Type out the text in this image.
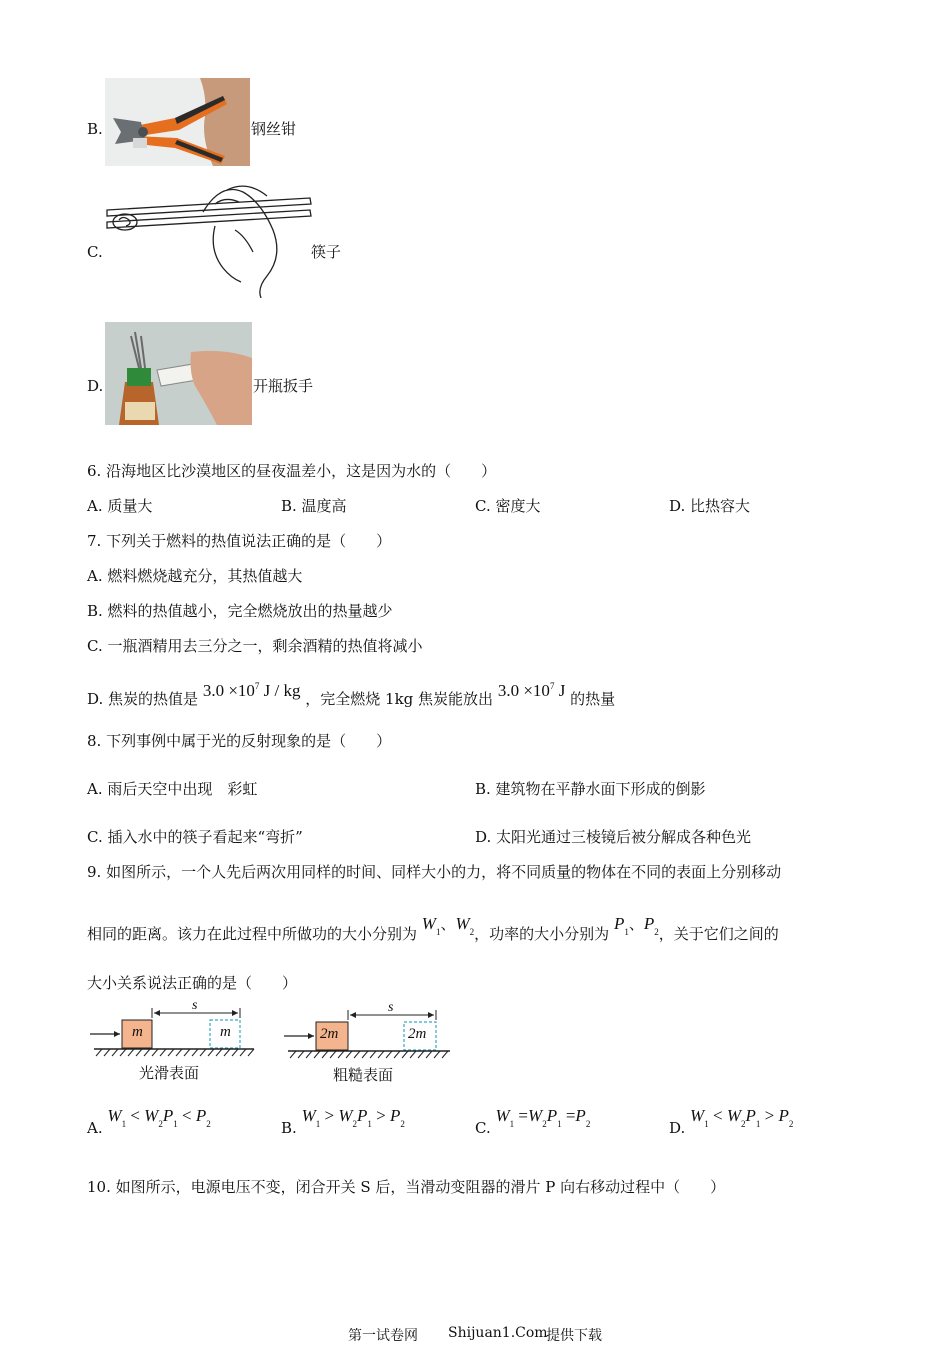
B.	钢丝钳
C.	筷子
D.	开瓶扳手
6. 沿海地区比沙漠地区的昼夜温差小，这是因为水的（　　）
A. 质量大	B. 温度高	C. 密度大	D. 比热容大
7. 下列关于燃料的热值说法正确的是（　　）
A. 燃料燃烧越充分，其热值越大
B. 燃料的热值越小，完全燃烧放出的热量越少
C. 一瓶酒精用去三分之一，剩余酒精的热值将减小
D. 焦炭的热值是 $3.0 \times 10^7$ J / kg ，完全燃烧 1kg 焦炭能放出 $3.0 \times 10^7$ J 的热量
8. 下列事例中属于光的反射现象的是（　　）
A. 雨后天空中出现　彩虹	B. 建筑物在平静水面下形成的倒影
C. 插入水中的筷子看起来“弯折”	D. 太阳光通过三棱镜后被分解成各种色光
9. 如图所示，一个人先后两次用同样的时间、同样大小的力，将不同质量的物体在不同的表面上分别移动
相同的距离。该力在此过程中所做功的大小分别为 $W_1$、$W_2$，功率的大小分别为 $P_1$、$P_2$，关于它们之间的
大小关系说法正确的是（　　）
m	m
s
光滑表面
2m	2m
s
粗糙表面
A. $W_1 < W_2P_1 < P_2$	B. $W_1 > W_2P_1 > P_2$	C. $W_1 =W_2P_1 =P_2$	D. $W_1 < W_2P_1 > P_2$
10. 如图所示，电源电压不变，闭合开关 S 后，当滑动变阻器的滑片 P 向右移动过程中（　　）
第一试卷网 Shijuan1.Com
提供下载
